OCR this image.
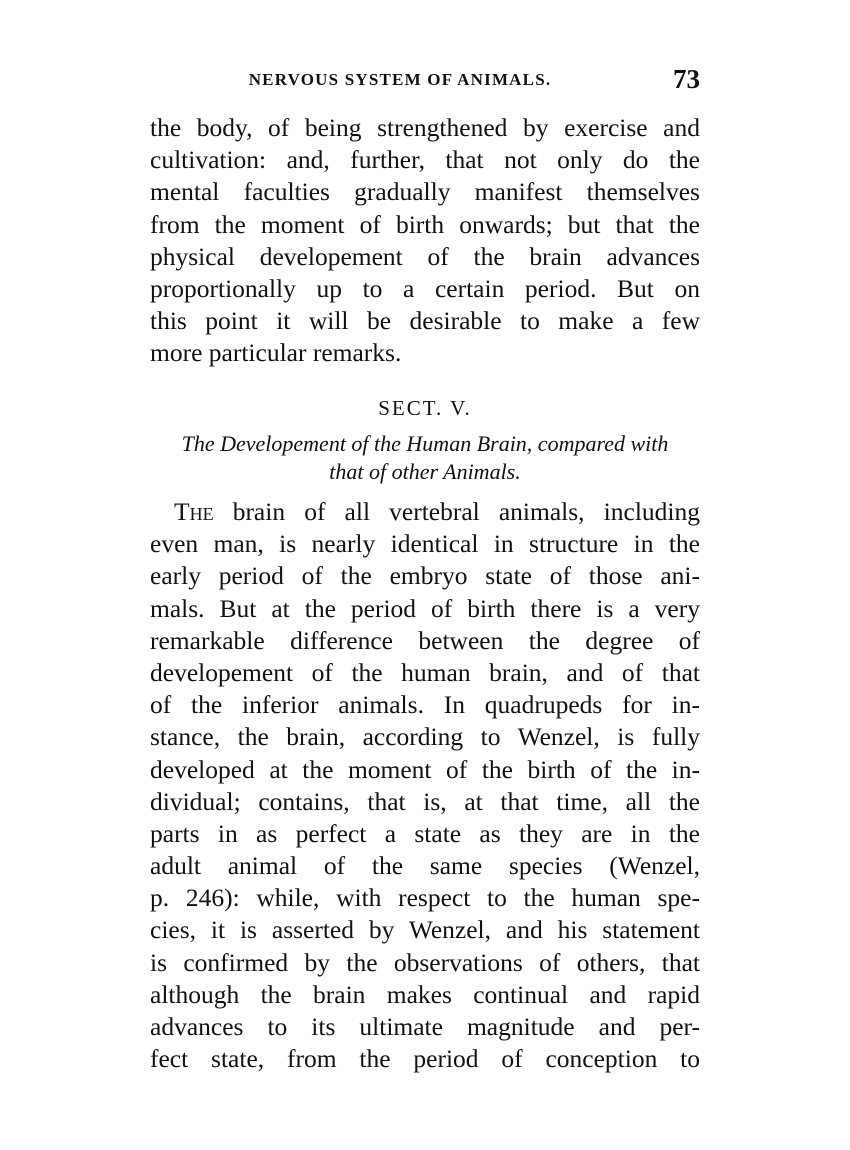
NERVOUS SYSTEM OF ANIMALS.	73
the body, of being strengthened by exercise and
cultivation: and, further, that not only do the
mental faculties gradually manifest themselves
from the moment of birth onwards; but that the
physical developement of the brain advances
proportionally up to a certain period. But on
this point it will be desirable to make a few
more particular remarks.
SECT. V.
The Developement of the Human Brain, compared with
that of other Animals.
The brain of all vertebral animals, including
even man, is nearly identical in structure in the
early period of the embryo state of those ani-
mals. But at the period of birth there is a very
remarkable difference between the degree of
developement of the human brain, and of that
of the inferior animals. In quadrupeds for in-
stance, the brain, according to Wenzel, is fully
developed at the moment of the birth of the in-
dividual; contains, that is, at that time, all the
parts in as perfect a state as they are in the
adult animal of the same species (Wenzel,
p. 246): while, with respect to the human spe-
cies, it is asserted by Wenzel, and his statement
is confirmed by the observations of others, that
although the brain makes continual and rapid
advances to its ultimate magnitude and per-
fect state, from the period of conception to
